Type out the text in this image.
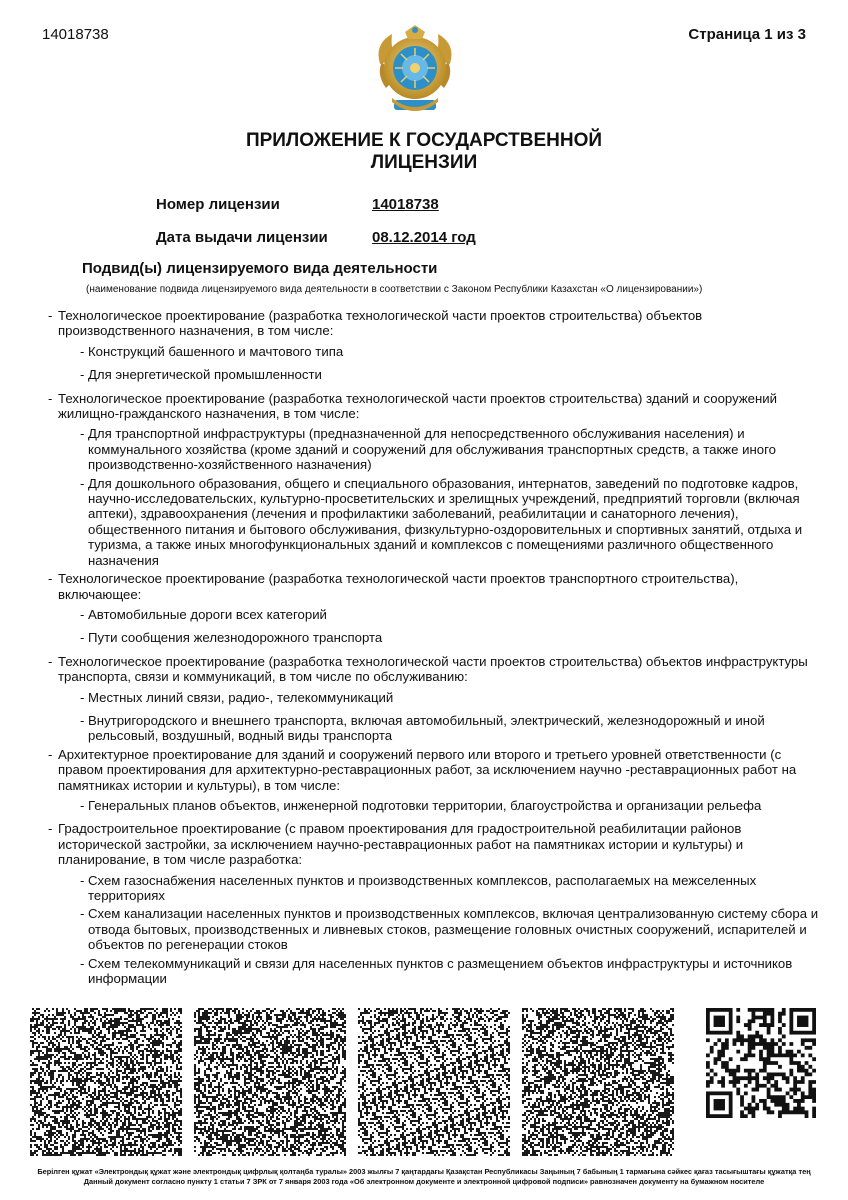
14018738	Страница 1 из 3
ПРИЛОЖЕНИЕ К ГОСУДАРСТВЕННОЙ
ЛИЦЕНЗИИ
Номер лицензии	14018738
Дата выдачи лицензии	08.12.2014 год
Подвид(ы) лицензируемого вида деятельности
(наименование подвида лицензируемого вида деятельности в соответствии с Законом Республики Казахстан «О лицензировании»)
- Технологическое проектирование (разработка технологической части проектов строительства) объектов производственного назначения, в том числе:
- Конструкций башенного и мачтового типа
- Для энергетической промышленности
- Технологическое проектирование (разработка технологической части проектов строительства) зданий и сооружений жилищно-гражданского назначения, в том числе:
- Для транспортной инфраструктуры (предназначенной для непосредственного обслуживания населения) и коммунального хозяйства (кроме зданий и сооружений для обслуживания транспортных средств, а также иного производственно-хозяйственного назначения)
- Для дошкольного образования, общего и специального образования, интернатов, заведений по подготовке кадров, научно-исследовательских, культурно-просветительских и зрелищных учреждений, предприятий торговли (включая аптеки), здравоохранения (лечения и профилактики заболеваний, реабилитации и санаторного лечения), общественного питания и бытового обслуживания, физкультурно-оздоровительных и спортивных занятий, отдыха и туризма, а также иных многофункциональных зданий и комплексов с помещениями различного общественного назначения
- Технологическое проектирование (разработка технологической части проектов транспортного строительства), включающее:
- Автомобильные дороги всех категорий
- Пути сообщения железнодорожного транспорта
- Технологическое проектирование (разработка технологической части проектов строительства) объектов инфраструктуры транспорта, связи и коммуникаций, в том числе по обслуживанию:
- Местных линий связи, радио-, телекоммуникаций
- Внутригородского и внешнего транспорта, включая автомобильный, электрический, железнодорожный и иной рельсовый, воздушный, водный виды транспорта
- Архитектурное проектирование для зданий и сооружений первого или второго и третьего уровней ответственности (с правом проектирования для архитектурно-реставрационных работ, за исключением научно -реставрационных работ на памятниках истории и культуры), в том числе:
- Генеральных планов объектов, инженерной подготовки территории, благоустройства и организации рельефа
- Градостроительное проектирование (с правом проектирования для градостроительной реабилитации районов исторической застройки, за исключением научно-реставрационных работ на памятниках истории и культуры) и планирование, в том числе разработка:
- Схем газоснабжения населенных пунктов и производственных комплексов, располагаемых на межселенных территориях
- Схем канализации населенных пунктов и производственных комплексов, включая централизованную систему сбора и отвода бытовых, производственных и ливневых стоков, размещение головных очистных сооружений, испарителей и объектов по регенерации стоков
- Схем телекоммуникаций и связи для населенных пунктов с размещением объектов инфраструктуры и источников информации
Берілген құжат «Электрондық құжат және электрондық цифрлық қолтаңба туралы» 2003 жылғы 7 қаңтардағы Қазақстан Республикасы Заңының 7 бабының 1 тармағына сәйкес қағаз тасығыштағы құжатқа тең
Данный документ согласно пункту 1 статьи 7 ЗРК от 7 января 2003 года «Об электронном документе и электронной цифровой подписи» равнозначен документу на бумажном носителе
